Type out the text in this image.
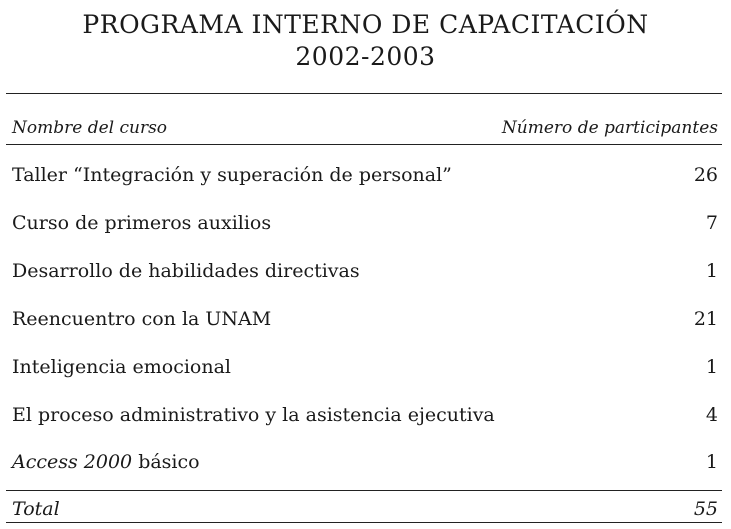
PROGRAMA INTERNO DE CAPACITACIÓN
2002-2003
Nombre del curso	Número de participantes
Taller “Integración y superación de personal”	26
Curso de primeros auxilios	7
Desarrollo de habilidades directivas	1
Reencuentro con la UNAM	21
Inteligencia emocional	1
El proceso administrativo y la asistencia ejecutiva	4
Access 2000 básico	1
Total	55
